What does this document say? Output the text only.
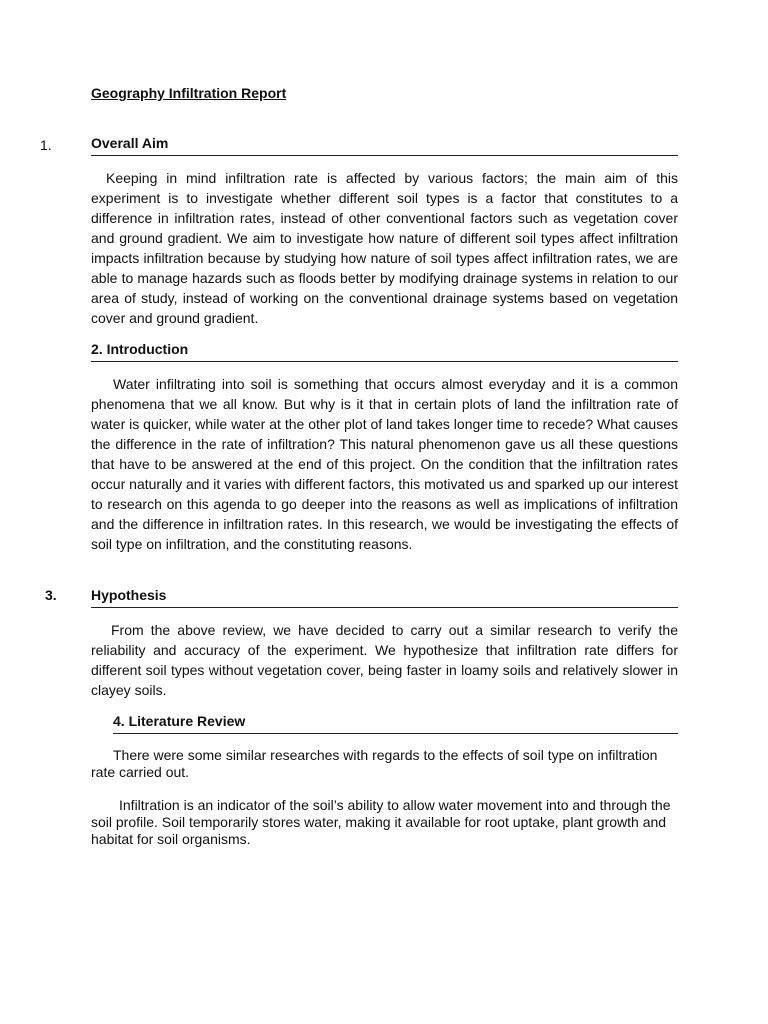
Geography Infiltration Report
1.	Overall Aim
Keeping in mind infiltration rate is affected by various factors; the main aim of this experiment is to investigate whether different soil types is a factor that constitutes to a difference in infiltration rates, instead of other conventional factors such as vegetation cover and ground gradient. We aim to investigate how nature of different soil types affect infiltration impacts infiltration because by studying how nature of soil types affect infiltration rates, we are able to manage hazards such as floods better by modifying drainage systems in relation to our area of study, instead of working on the conventional drainage systems based on vegetation cover and ground gradient.
2. Introduction
Water infiltrating into soil is something that occurs almost everyday and it is a common phenomena that we all know. But why is it that in certain plots of land the infiltration rate of water is quicker, while water at the other plot of land takes longer time to recede? What causes the difference in the rate of infiltration? This natural phenomenon gave us all these questions that have to be answered at the end of this project. On the condition that the infiltration rates occur naturally and it varies with different factors, this motivated us and sparked up our interest to research on this agenda to go deeper into the reasons as well as implications of infiltration and the difference in infiltration rates. In this research, we would be investigating the effects of soil type on infiltration, and the constituting reasons.
3. Hypothesis
From the above review, we have decided to carry out a similar research to verify the reliability and accuracy of the experiment. We hypothesize that infiltration rate differs for different soil types without vegetation cover, being faster in loamy soils and relatively slower in clayey soils.
4. Literature Review
There were some similar researches with regards to the effects of soil type on infiltration rate carried out.
Infiltration is an indicator of the soil’s ability to allow water movement into and through the soil profile. Soil temporarily stores water, making it available for root uptake, plant growth and habitat for soil organisms.
